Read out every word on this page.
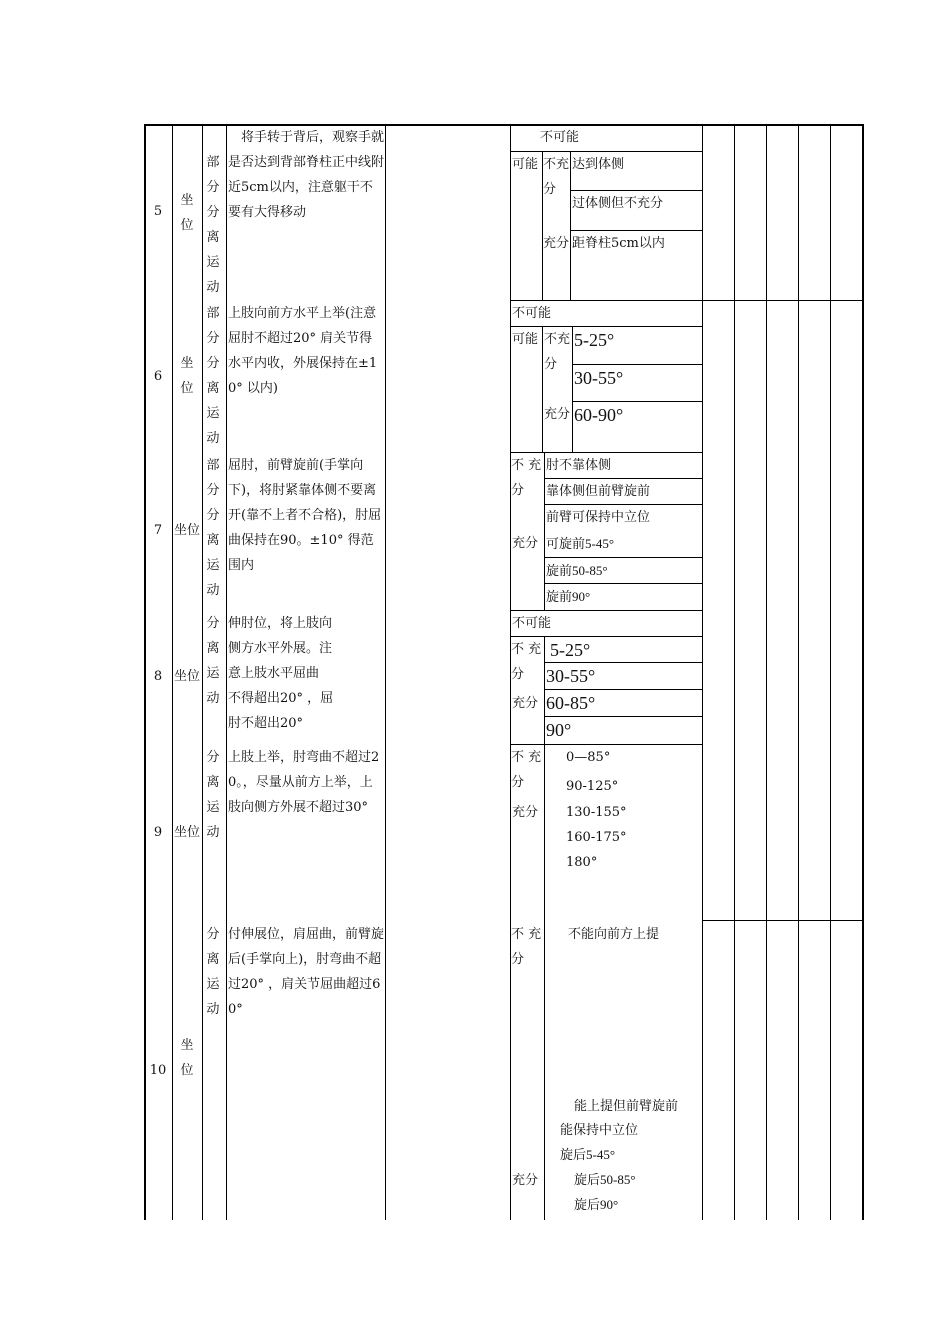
5
坐位
部分分离运动
将手转于背后，观察手就是否达到背部脊柱正中线附近5cm以内，注意躯干不要有大得移动
不可能
可能 不充分
充分
达到体侧
过体侧但不充分
距脊柱5cm以内
6
坐位
部分分离运动
上肢向前方水平上举(注意屈肘不超过20° 肩关节得水平内收，外展保持在±10° 以内)
不可能
可能 不充分
充分
5-25°
30-55°
60-90°
7 坐位
部分分离运动
屈肘，前臂旋前(手掌向下)，将肘紧靠体侧不要离开(靠不上者不合格)，肘屈曲保持在90。±10° 得范围内
不 充分
充分
肘不靠体侧
靠体侧但前臂旋前
前臂可保持中立位
可旋前5-45°
旋前50-85°
旋前90°
8 坐位
分离运动
伸肘位，将上肢向
侧方水平外展。注
意上肢水平屈曲
不得超出20° ，屈
肘不超出20°
不可能
不 充分
充分
5-25°
30-55°
60-85°
90°
9 坐位
分离运动
上肢上举，肘弯曲不超过20。，尽量从前方上举，上肢向侧方外展不超过30°
不 充分
充分
0—85°
90-125°
130-155°
160-175°
180°
10
坐位
分离运动
付伸展位，肩屈曲，前臂旋后(手掌向上)，肘弯曲不超过20° ，肩关节屈曲超过60°
不 充分
充分
不能向前方上提
能上提但前臂旋前
能保持中立位
旋后5-45°
旋后50-85°
旋后90°
